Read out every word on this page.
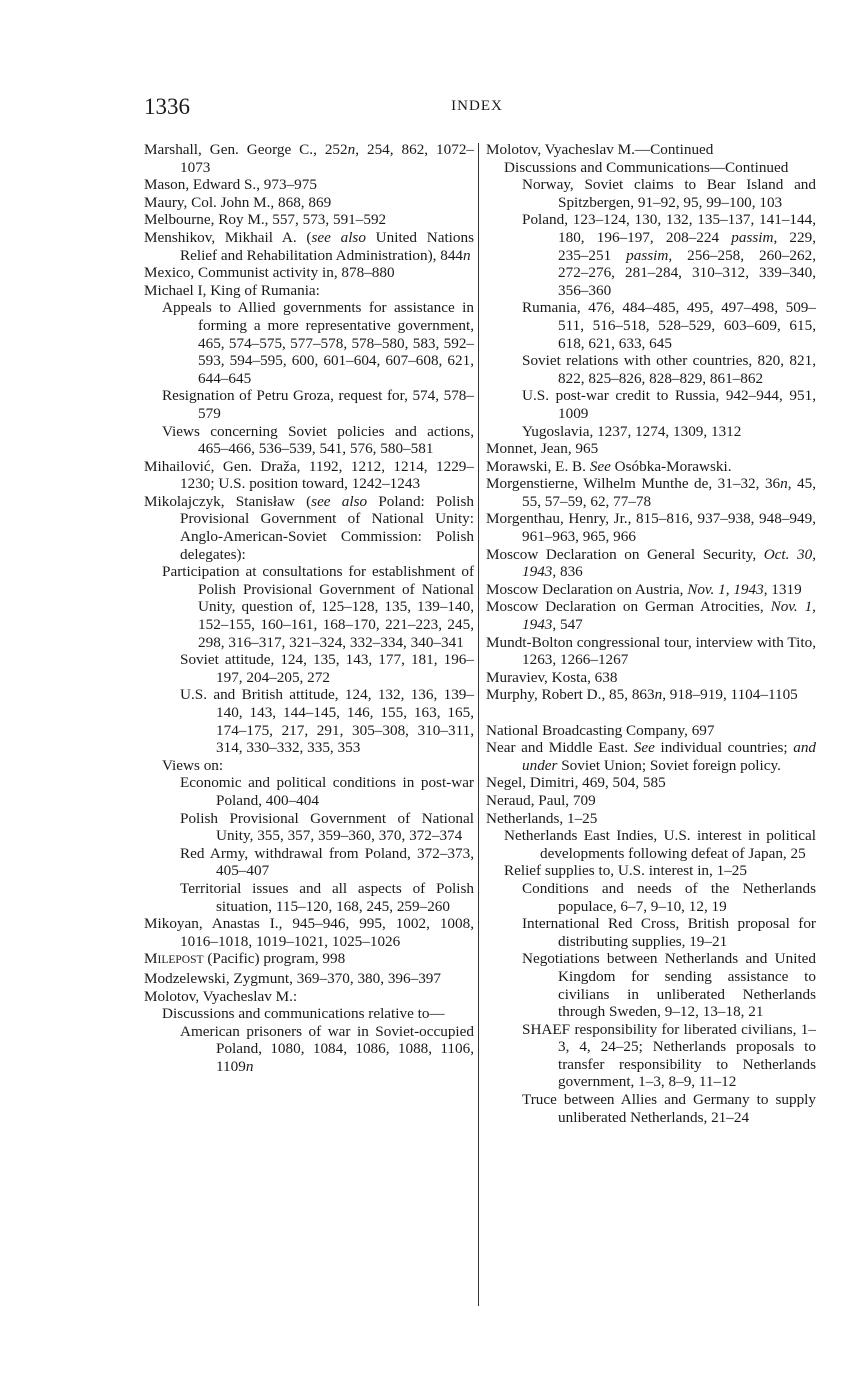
1336	INDEX

Marshall, Gen. George C., 252n, 254, 862, 1072–1073

Mason, Edward S., 973–975

Maury, Col. John M., 868, 869

Melbourne, Roy M., 557, 573, 591–592

Menshikov, Mikhail A. (see also United Nations Relief and Rehabilitation Administration), 844n

Mexico, Communist activity in, 878–880

Michael I, King of Rumania:

Appeals to Allied governments for assistance in forming a more representative government, 465, 574–575, 577–578, 578–580, 583, 592–593, 594–595, 600, 601–604, 607–608, 621, 644–645

Resignation of Petru Groza, request for, 574, 578–579

Views concerning Soviet policies and actions, 465–466, 536–539, 541, 576, 580–581

Mihailović, Gen. Draža, 1192, 1212, 1214, 1229–1230; U.S. position toward, 1242–1243

Mikolajczyk, Stanisław (see also Poland: Polish Provisional Government of National Unity: Anglo-American-Soviet Commission: Polish delegates):

Participation at consultations for establishment of Polish Provisional Government of National Unity, question of, 125–128, 135, 139–140, 152–155, 160–161, 168–170, 221–223, 245, 298, 316–317, 321–324, 332–334, 340–341

Soviet attitude, 124, 135, 143, 177, 181, 196–197, 204–205, 272

U.S. and British attitude, 124, 132, 136, 139–140, 143, 144–145, 146, 155, 163, 165, 174–175, 217, 291, 305–308, 310–311, 314, 330–332, 335, 353

Views on:

Economic and political conditions in post-war Poland, 400–404

Polish Provisional Government of National Unity, 355, 357, 359–360, 370, 372–374

Red Army, withdrawal from Poland, 372–373, 405–407

Territorial issues and all aspects of Polish situation, 115–120, 168, 245, 259–260

Mikoyan, Anastas I., 945–946, 995, 1002, 1008, 1016–1018, 1019–1021, 1025–1026

MILEPOST (Pacific) program, 998

Modzelewski, Zygmunt, 369–370, 380, 396–397

Molotov, Vyacheslav M.:

Discussions and communications relative to—

American prisoners of war in Soviet-occupied Poland, 1080, 1084, 1086, 1088, 1106, 1109n

Molotov, Vyacheslav M.—Continued

Discussions and Communications—Continued

Norway, Soviet claims to Bear Island and Spitzbergen, 91–92, 95, 99–100, 103

Poland, 123–124, 130, 132, 135–137, 141–144, 180, 196–197, 208–224 passim, 229, 235–251 passim, 256–258, 260–262, 272–276, 281–284, 310–312, 339–340, 356–360

Rumania, 476, 484–485, 495, 497–498, 509–511, 516–518, 528–529, 603–609, 615, 618, 621, 633, 645

Soviet relations with other countries, 820, 821, 822, 825–826, 828–829, 861–862

U.S. post-war credit to Russia, 942–944, 951, 1009

Yugoslavia, 1237, 1274, 1309, 1312

Monnet, Jean, 965

Morawski, E. B. See Osóbka-Morawski.

Morgenstierne, Wilhelm Munthe de, 31–32, 36n, 45, 55, 57–59, 62, 77–78

Morgenthau, Henry, Jr., 815–816, 937–938, 948–949, 961–963, 965, 966

Moscow Declaration on General Security, Oct. 30, 1943, 836

Moscow Declaration on Austria, Nov. 1, 1943, 1319

Moscow Declaration on German Atrocities, Nov. 1, 1943, 547

Mundt-Bolton congressional tour, interview with Tito, 1263, 1266–1267

Muraviev, Kosta, 638

Murphy, Robert D., 85, 863n, 918–919, 1104–1105

National Broadcasting Company, 697

Near and Middle East. See individual countries; and under Soviet Union; Soviet foreign policy.

Negel, Dimitri, 469, 504, 585

Neraud, Paul, 709

Netherlands, 1–25

Netherlands East Indies, U.S. interest in political developments following defeat of Japan, 25

Relief supplies to, U.S. interest in, 1–25

Conditions and needs of the Netherlands populace, 6–7, 9–10, 12, 19

International Red Cross, British proposal for distributing supplies, 19–21

Negotiations between Netherlands and United Kingdom for sending assistance to civilians in unliberated Netherlands through Sweden, 9–12, 13–18, 21

SHAEF responsibility for liberated civilians, 1–3, 4, 24–25; Netherlands proposals to transfer responsibility to Netherlands government, 1–3, 8–9, 11–12

Truce between Allies and Germany to supply unliberated Netherlands, 21–24
